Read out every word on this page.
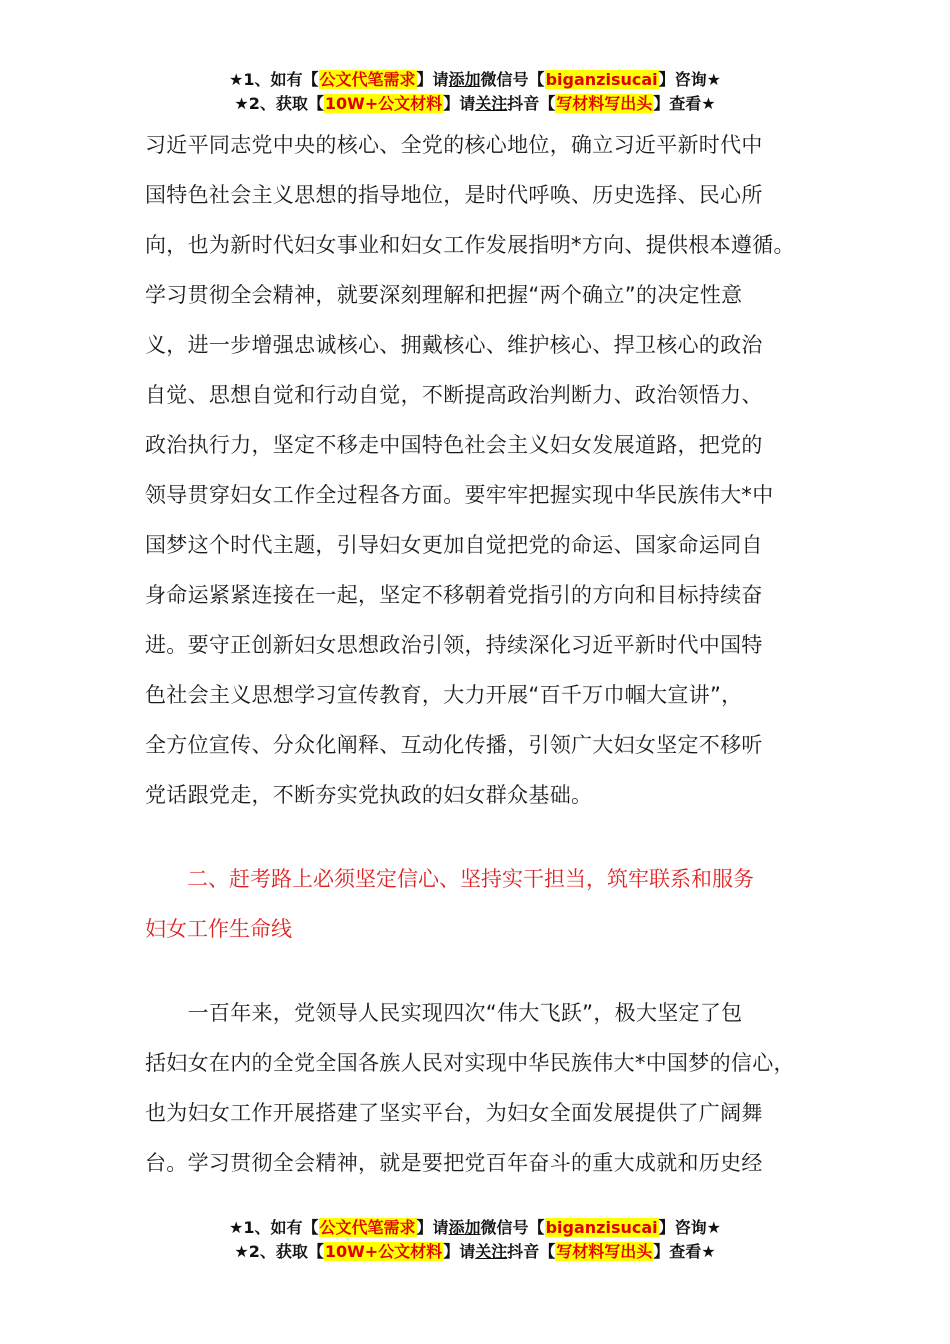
★1、如有【公文代笔需求】请添加微信号【biganzisucai】咨询★
★2、获取【10W+公文材料】请关注抖音【写材料写出头】查看★
习近平同志党中央的核心、全党的核心地位，确立习近平新时代中
国特色社会主义思想的指导地位，是时代呼唤、历史选择、民心所
向，也为新时代妇女事业和妇女工作发展指明*方向、提供根本遵循。
学习贯彻全会精神，就要深刻理解和把握“两个确立”的决定性意
义，进一步增强忠诚核心、拥戴核心、维护核心、捍卫核心的政治
自觉、思想自觉和行动自觉，不断提高政治判断力、政治领悟力、
政治执行力，坚定不移走中国特色社会主义妇女发展道路，把党的
领导贯穿妇女工作全过程各方面。要牢牢把握实现中华民族伟大*中
国梦这个时代主题，引导妇女更加自觉把党的命运、国家命运同自
身命运紧紧连接在一起，坚定不移朝着党指引的方向和目标持续奋
进。要守正创新妇女思想政治引领，持续深化习近平新时代中国特
色社会主义思想学习宣传教育，大力开展“百千万巾帼大宣讲”，
全方位宣传、分众化阐释、互动化传播，引领广大妇女坚定不移听
党话跟党走，不断夯实党执政的妇女群众基础。
　　二、赶考路上必须坚定信心、坚持实干担当，筑牢联系和服务
妇女工作生命线
　　一百年来，党领导人民实现四次“伟大飞跃”，极大坚定了包
括妇女在内的全党全国各族人民对实现中华民族伟大*中国梦的信心，
也为妇女工作开展搭建了坚实平台，为妇女全面发展提供了广阔舞
台。学习贯彻全会精神，就是要把党百年奋斗的重大成就和历史经
★1、如有【公文代笔需求】请添加微信号【biganzisucai】咨询★
★2、获取【10W+公文材料】请关注抖音【写材料写出头】查看★
